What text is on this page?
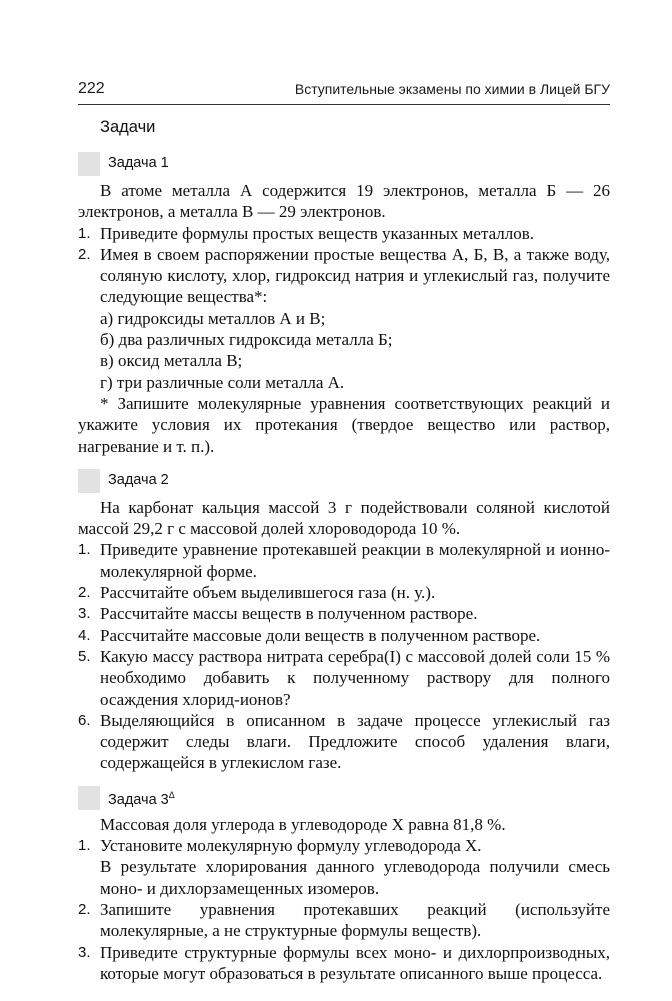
222	Вступительные экзамены по химии в Лицей БГУ
Задачи
Задача 1

В атоме металла А содержится 19 электронов, металла Б — 26 электронов, а металла В — 29 электронов.

1. Приведите формулы простых веществ указанных металлов.
2. Имея в своем распоряжении простые вещества А, Б, В, а также воду, соляную кислоту, хлор, гидроксид натрия и углекислый газ, получите следующие вещества*:

а) гидроксиды металлов А и В;

б) два различных гидроксида металла Б;

в) оксид металла В;

г) три различные соли металла А.

* Запишите молекулярные уравнения соответствующих реакций и укажите условия их протекания (твердое вещество или раствор, нагревание и т. п.).

Задача 2

На карбонат кальция массой 3 г подействовали соляной кислотой массой 29,2 г с массовой долей хлороводорода 10 %.

1. Приведите уравнение протекавшей реакции в молекулярной и ионно-молекулярной форме.
2. Рассчитайте объем выделившегося газа (н. у.).
3. Рассчитайте массы веществ в полученном растворе.
4. Рассчитайте массовые доли веществ в полученном растворе.
5. Какую массу раствора нитрата серебра(I) с массовой долей соли 15 % необходимо добавить к полученному раствору для полного осаждения хлорид-ионов?
6. Выделяющийся в описанном в задаче процессе углекислый газ содержит следы влаги. Предложите способ удаления влаги, содержащейся в углекислом газе.
Задача $3^\Delta$

Массовая доля углерода в углеводороде X равна 81,8 %.

1. Установите молекулярную формулу углеводорода X.

В результате хлорирования данного углеводорода получили смесь моно- и дихлорзамещенных изомеров.

2. Запишите уравнения протекавших реакций (используйте молекулярные, а не структурные формулы веществ).
3. Приведите структурные формулы всех моно- и дихлорпроизводных, которые могут образоваться в результате описанного выше процесса.
